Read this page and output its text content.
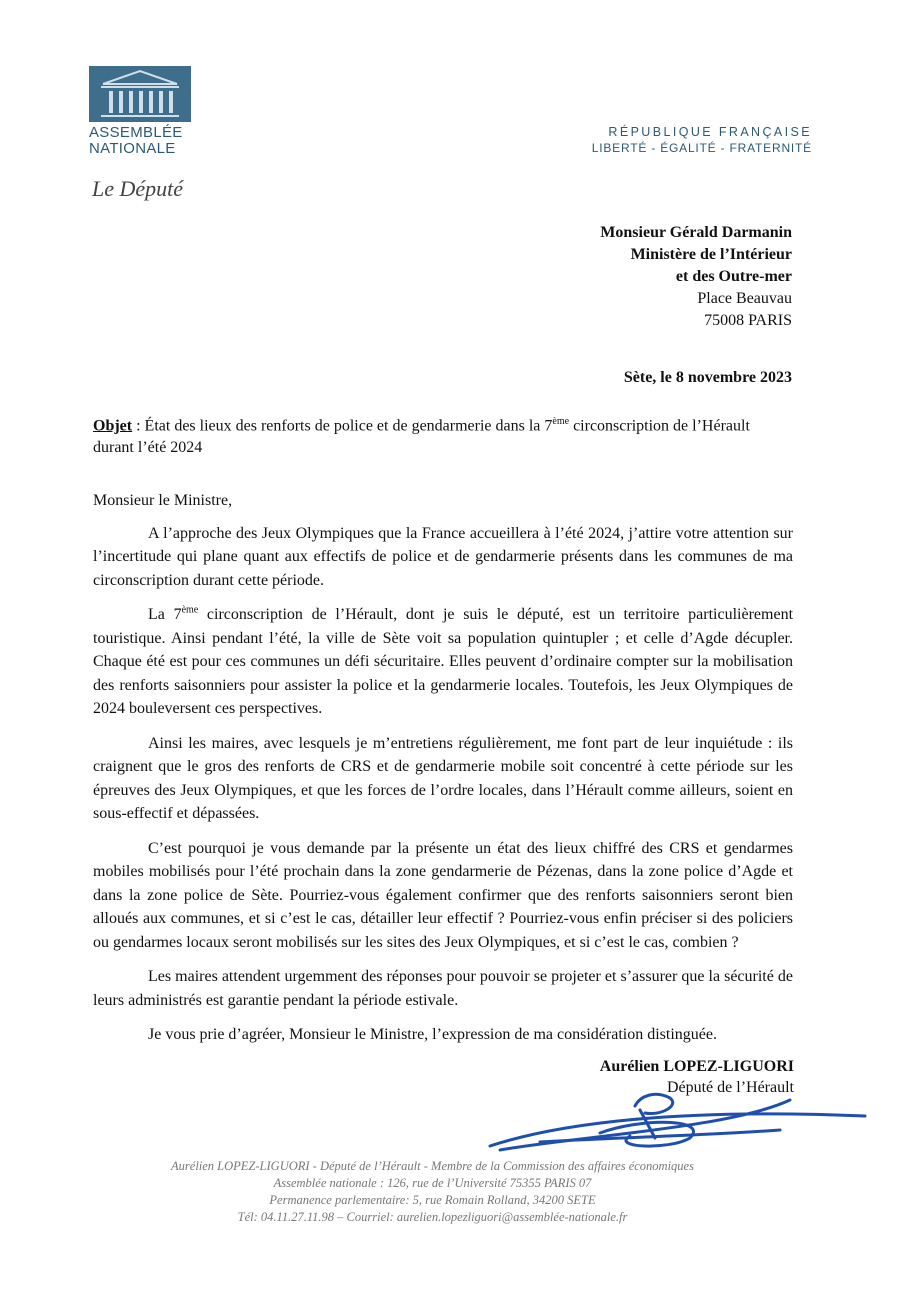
ASSEMBLÉE
NATIONALE
Le Député
RÉPUBLIQUE FRANÇAISE
LIBERTÉ - ÉGALITÉ - FRATERNITÉ
Monsieur Gérald Darmanin
Ministère de l’Intérieur
et des Outre-mer
Place Beauvau
75008 PARIS
Sète, le 8 novembre 2023
Objet : État des lieux des renforts de police et de gendarmerie dans la 7ème circonscription de l’Hérault durant l’été 2024

Monsieur le Ministre,

A l’approche des Jeux Olympiques que la France accueillera à l’été 2024, j’attire votre attention sur l’incertitude qui plane quant aux effectifs de police et de gendarmerie présents dans les communes de ma circonscription durant cette période.

La 7ème circonscription de l’Hérault, dont je suis le député, est un territoire particulièrement touristique. Ainsi pendant l’été, la ville de Sète voit sa population quintupler ; et celle d’Agde décupler. Chaque été est pour ces communes un défi sécuritaire. Elles peuvent d’ordinaire compter sur la mobilisation des renforts saisonniers pour assister la police et la gendarmerie locales. Toutefois, les Jeux Olympiques de 2024 bouleversent ces perspectives.

Ainsi les maires, avec lesquels je m’entretiens régulièrement, me font part de leur inquiétude : ils craignent que le gros des renforts de CRS et de gendarmerie mobile soit concentré à cette période sur les épreuves des Jeux Olympiques, et que les forces de l’ordre locales, dans l’Hérault comme ailleurs, soient en sous-effectif et dépassées.

C’est pourquoi je vous demande par la présente un état des lieux chiffré des CRS et gendarmes mobiles mobilisés pour l’été prochain dans la zone gendarmerie de Pézenas, dans la zone police d’Agde et dans la zone police de Sète. Pourriez-vous également confirmer que des renforts saisonniers seront bien alloués aux communes, et si c’est le cas, détailler leur effectif ? Pourriez-vous enfin préciser si des policiers ou gendarmes locaux seront mobilisés sur les sites des Jeux Olympiques, et si c’est le cas, combien ?

Les maires attendent urgemment des réponses pour pouvoir se projeter et s’assurer que la sécurité de leurs administrés est garantie pendant la période estivale.

Je vous prie d’agréer, Monsieur le Ministre, l’expression de ma considération distinguée.

Aurélien LOPEZ-LIGUORI
Député de l’Hérault
Aurélien LOPEZ-LIGUORI - Député de l’Hérault - Membre de la Commission des affaires économiques
Assemblée nationale : 126, rue de l’Université 75355 PARIS 07
Permanence parlementaire: 5, rue Romain Rolland, 34200 SETE
Tél: 04.11.27.11.98 – Courriel: aurelien.lopezliguori@assemblée-nationale.fr
